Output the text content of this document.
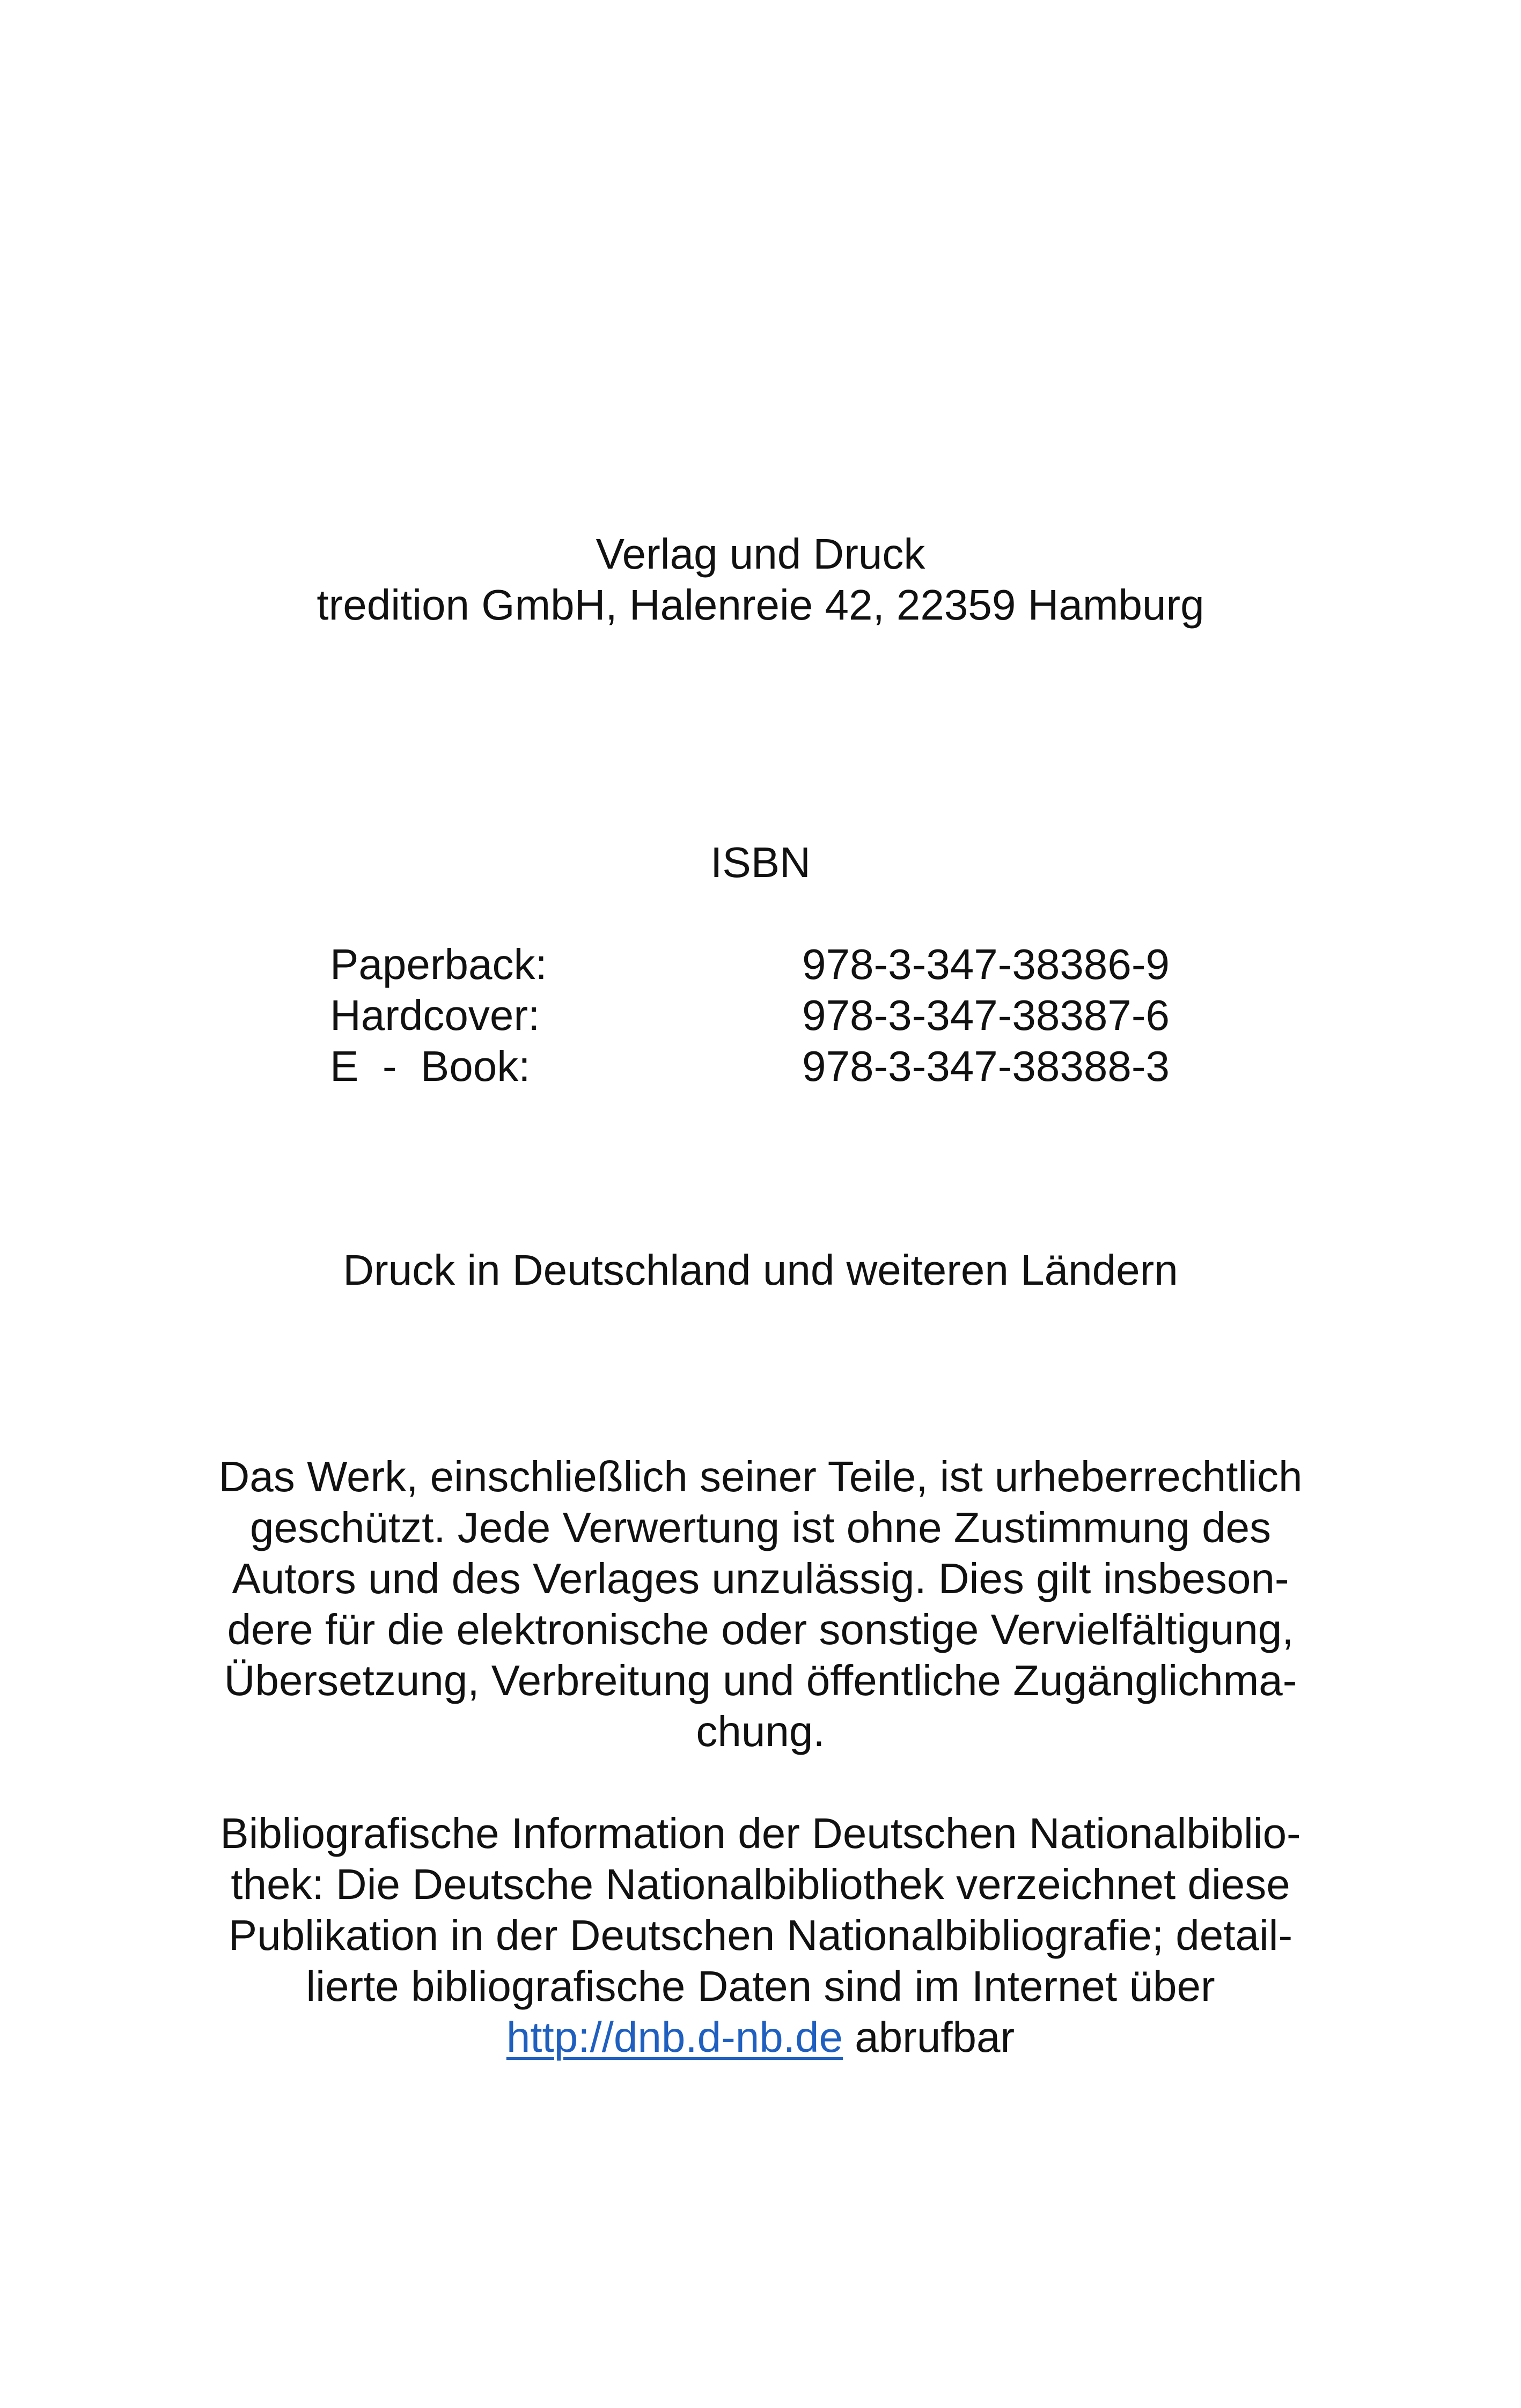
Verlag und Druck
tredition GmbH, Halenreie 42, 22359 Hamburg
ISBN
Paperback:	978-3-347-38386-9
Hardcover:	978-3-347-38387-6
E  -  Book:	978-3-347-38388-3
Druck in Deutschland und weiteren Ländern
Das Werk, einschließlich seiner Teile, ist urheberrechtlich
geschützt. Jede Verwertung ist ohne Zustimmung des
Autors und des Verlages unzulässig. Dies gilt insbeson-
dere für die elektronische oder sonstige Vervielfältigung,
Übersetzung, Verbreitung und öffentliche Zugänglichma-
chung.
Bibliografische Information der Deutschen Nationalbiblio-
thek: Die Deutsche Nationalbibliothek verzeichnet diese
Publikation in der Deutschen Nationalbibliografie; detail-
lierte bibliografische Daten sind im Internet über
http://dnb.d-nb.de abrufbar
